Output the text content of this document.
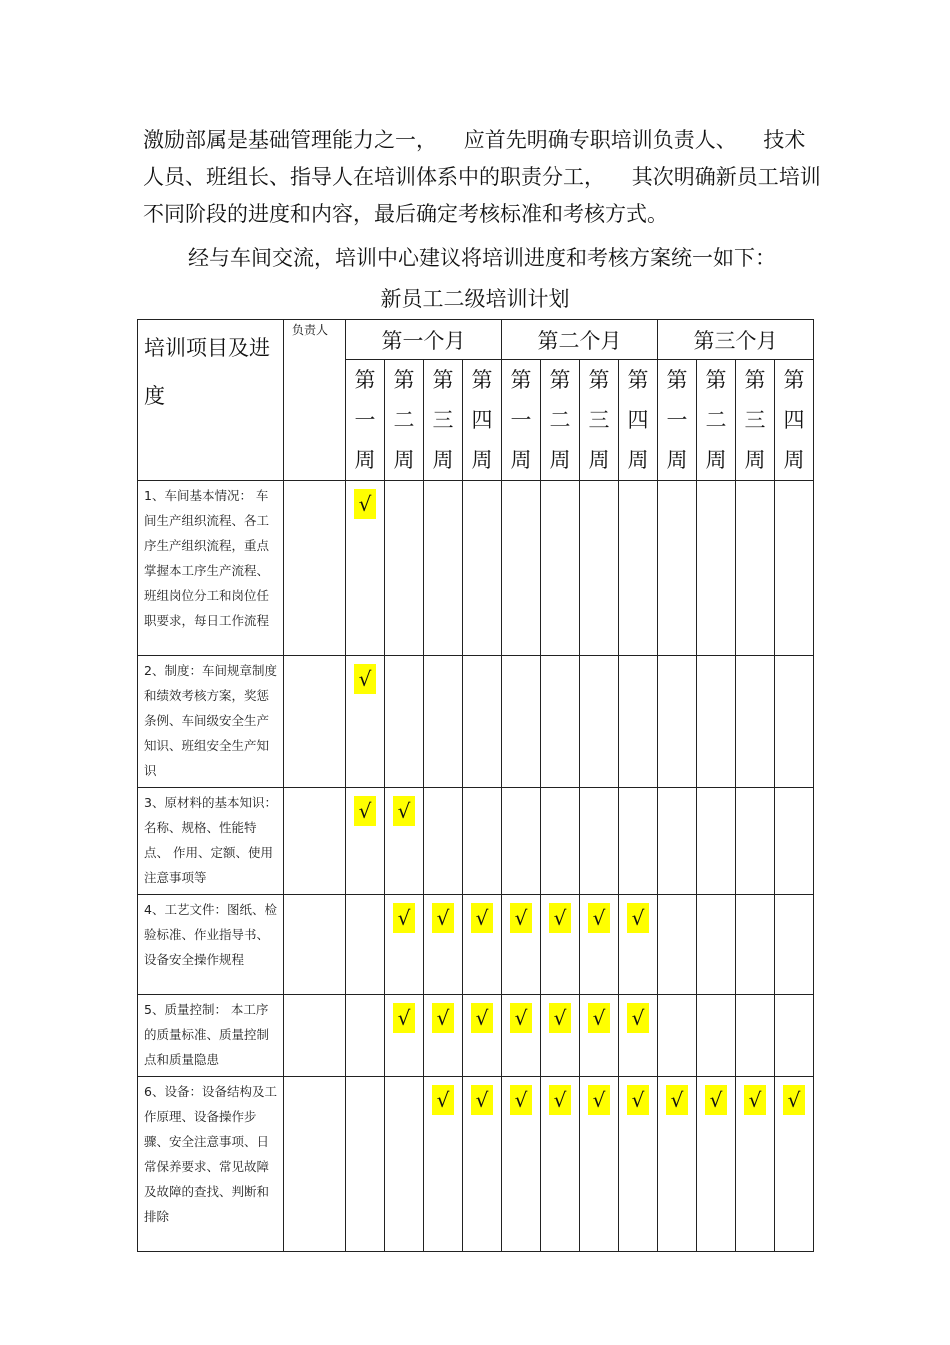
激励部属是基础管理能力之一，    应首先明确专职培训负责人、    技术人员、班组长、指导人在培训体系中的职责分工，    其次明确新员工培训不同阶段的进度和内容，最后确定考核标准和考核方式。

经与车间交流，培训中心建议将培训进度和考核方案统一如下：

新员工二级培训计划
培训项目及进度	负责人	第一个月				第二个月				第三个月			
		第一周	第二周	第三周	第四周	第一周	第二周	第三周	第四周	第一周	第二周	第三周	第四周
1、车间基本情况： 车间生产组织流程、各工序生产组织流程，重点掌握本工序生产流程、班组岗位分工和岗位任职要求，每日工作流程		√											
2、制度：车间规章制度和绩效考核方案，奖惩条例、车间级安全生产知识、班组安全生产知识		√											
3、原材料的基本知识：名称、规格、性能特点、 作用、定额、使用注意事项等		√	√										
4、工艺文件：图纸、检验标准、作业指导书、设备安全操作规程			√	√	√	√	√	√	√				
5、质量控制： 本工序的质量标准、质量控制点和质量隐患			√	√	√	√	√	√	√				
6、设备：设备结构及工作原理、设备操作步骤、安全注意事项、日常保养要求、常见故障及故障的查找、判断和排除				√	√	√	√	√	√	√	√	√	√
